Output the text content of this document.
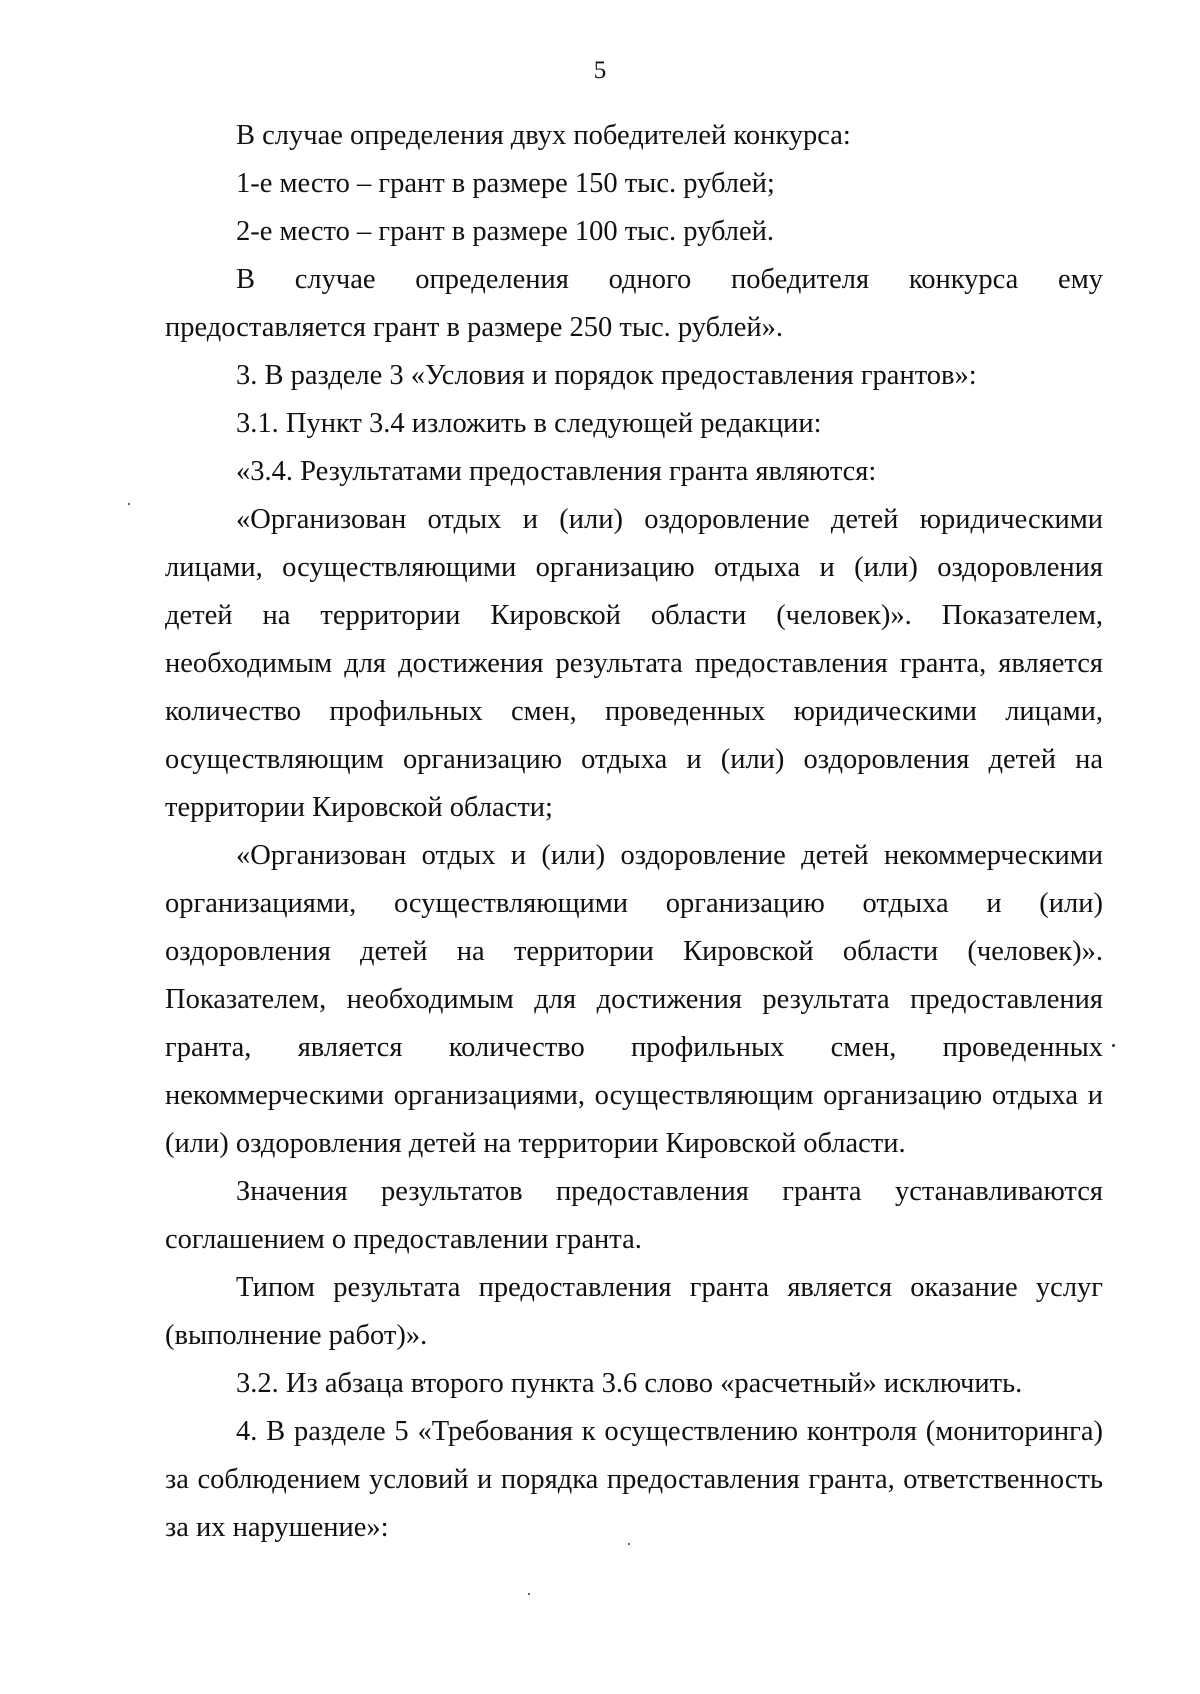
5

В случае определения двух победителей конкурса:

1-е место – грант в размере 150 тыс. рублей;

2-е место – грант в размере 100 тыс. рублей.

В случае определения одного победителя конкурса ему предоставляется грант в размере 250 тыс. рублей».

3. В разделе 3 «Условия и порядок предоставления грантов»:

3.1. Пункт 3.4 изложить в следующей редакции:

«3.4. Результатами предоставления гранта являются:

«Организован отдых и (или) оздоровление детей юридическими лицами, осуществляющими организацию отдыха и (или) оздоровления детей на территории Кировской области (человек)». Показателем, необходимым для достижения результата предоставления гранта, является количество профильных смен, проведенных юридическими лицами, осуществляющим организацию отдыха и (или) оздоровления детей на территории Кировской области;

«Организован отдых и (или) оздоровление детей некоммерческими организациями, осуществляющими организацию отдыха и (или) оздоровления детей на территории Кировской области (человек)». Показателем, необходимым для достижения результата предоставления гранта, является количество профильных смен, проведенных некоммерческими организациями, осуществляющим организацию отдыха и (или) оздоровления детей на территории Кировской области.

Значения результатов предоставления гранта устанавливаются соглашением о предоставлении гранта.

Типом результата предоставления гранта является оказание услуг (выполнение работ)».

3.2. Из абзаца второго пункта 3.6 слово «расчетный» исключить.

4. В разделе 5 «Требования к осуществлению контроля (мониторинга) за соблюдением условий и порядка предоставления гранта, ответственность за их нарушение»:
